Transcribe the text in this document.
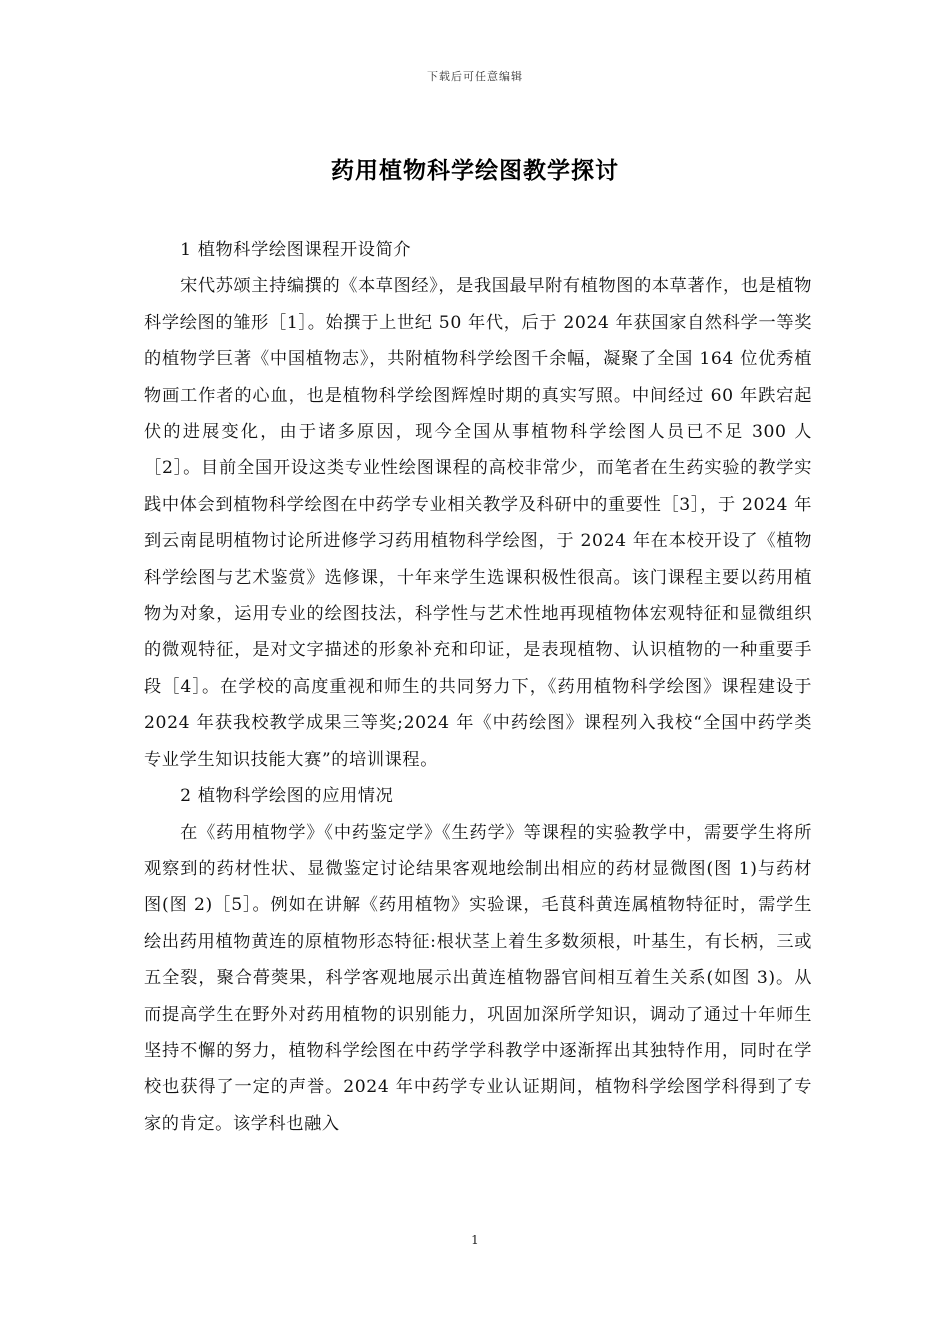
下载后可任意编辑
药用植物科学绘图教学探讨

1 植物科学绘图课程开设简介

宋代苏颂主持编撰的《本草图经》，是我国最早附有植物图的本草著作，也是植物科学绘图的雏形［1］。始撰于上世纪 50 年代，后于 2024 年获国家自然科学一等奖的植物学巨著《中国植物志》，共附植物科学绘图千余幅，凝聚了全国 164 位优秀植物画工作者的心血，也是植物科学绘图辉煌时期的真实写照。中间经过 60 年跌宕起伏的进展变化，由于诸多原因，现今全国从事植物科学绘图人员已不足 300 人［2］。目前全国开设这类专业性绘图课程的高校非常少，而笔者在生药实验的教学实践中体会到植物科学绘图在中药学专业相关教学及科研中的重要性［3］，于 2024 年到云南昆明植物讨论所进修学习药用植物科学绘图，于 2024 年在本校开设了《植物科学绘图与艺术鉴赏》选修课，十年来学生选课积极性很高。该门课程主要以药用植物为对象，运用专业的绘图技法，科学性与艺术性地再现植物体宏观特征和显微组织的微观特征，是对文字描述的形象补充和印证，是表现植物、认识植物的一种重要手段［4］。在学校的高度重视和师生的共同努力下，《药用植物科学绘图》课程建设于 2024 年获我校教学成果三等奖;2024 年《中药绘图》课程列入我校“全国中药学类专业学生知识技能大赛”的培训课程。

2 植物科学绘图的应用情况

在《药用植物学》《中药鉴定学》《生药学》等课程的实验教学中，需要学生将所观察到的药材性状、显微鉴定讨论结果客观地绘制出相应的药材显微图(图 1)与药材图(图 2)［5］。例如在讲解《药用植物》实验课，毛茛科黄连属植物特征时，需学生绘出药用植物黄连的原植物形态特征:根状茎上着生多数须根，叶基生，有长柄，三或五全裂，聚合蓇葖果，科学客观地展示出黄连植物器官间相互着生关系(如图 3)。从而提高学生在野外对药用植物的识别能力，巩固加深所学知识，调动了通过十年师生坚持不懈的努力，植物科学绘图在中药学学科教学中逐渐挥出其独特作用，同时在学校也获得了一定的声誉。2024 年中药学专业认证期间，植物科学绘图学科得到了专家的肯定。该学科也融入

1
